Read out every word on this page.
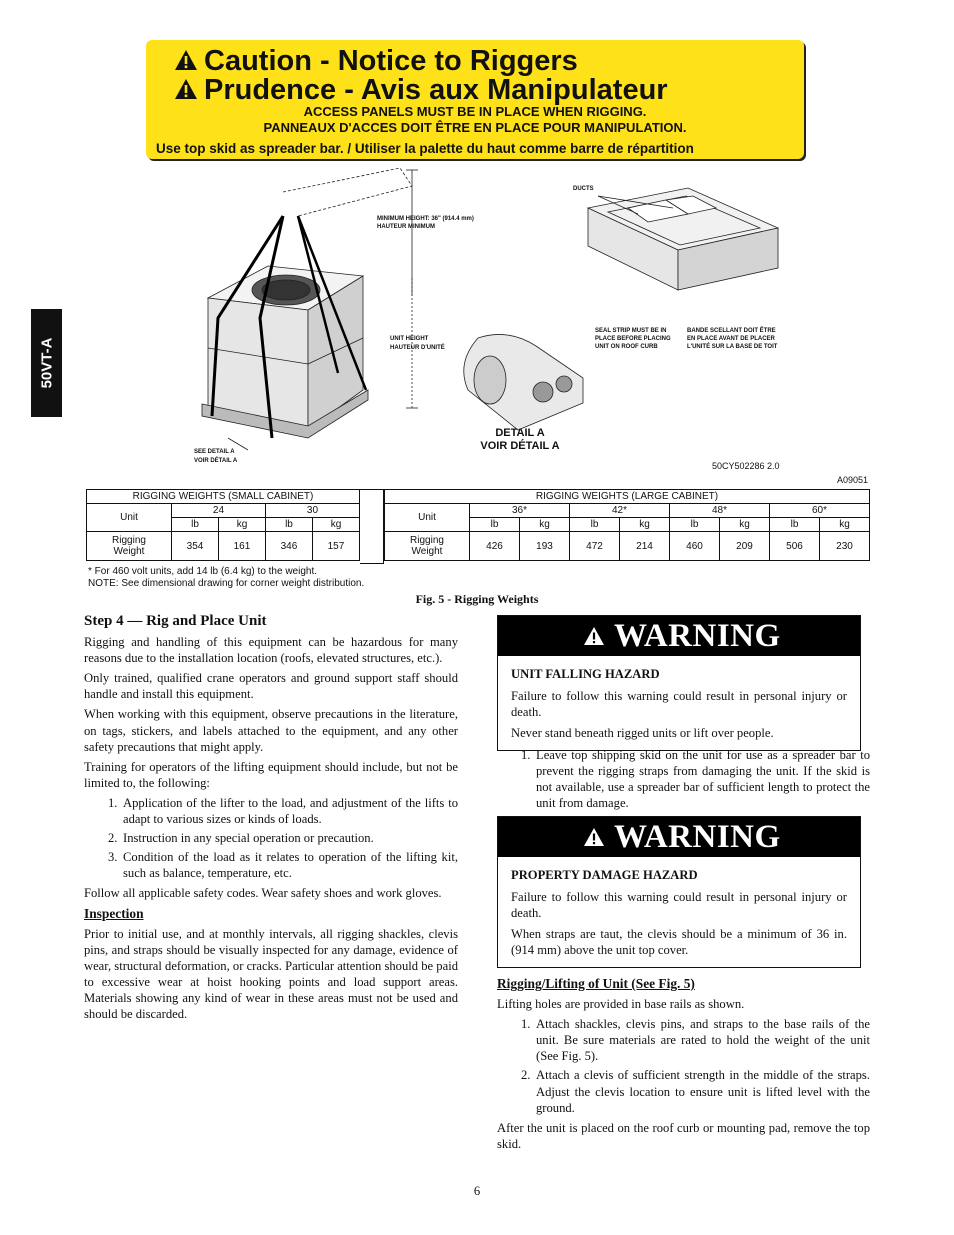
Caution - Notice to Riggers
Prudence - Avis aux Manipulateur
ACCESS PANELS MUST BE IN PLACE WHEN RIGGING.
PANNEAUX D'ACCES DOIT ÊTRE EN PLACE POUR MANIPULATION.
Use top skid as spreader bar. / Utiliser la palette du haut comme barre de répartition
50VT-A
MINIMUM HEIGHT: 36" (914.4 mm)
HAUTEUR MINIMUM
UNIT HEIGHT
HAUTEUR D'UNITÉ
SEE DETAIL A
VOIR DÉTAIL A
DUCTS
SEAL STRIP MUST BE IN
PLACE BEFORE PLACING
UNIT ON ROOF CURB
BANDE SCELLANT DOIT ÊTRE
EN PLACE AVANT DE PLACER
L'UNITÉ SUR LA BASE DE TOIT
DETAIL A
VOIR DÉTAIL A
50CY502286 2.0
A09051
RIGGING WEIGHTS (SMALL CABINET)				
Unit	24		30	
	lb	kg	lb	kg
Rigging
Weight	354	161	346	157
RIGGING WEIGHTS (LARGE CABINET)								
Unit	36*		42*		48*		60*	
	lb	kg	lb	kg	lb	kg	lb	kg
Rigging
Weight	426	193	472	214	460	209	506	230
* For 460 volt units, add 14 lb (6.4 kg) to the weight.
NOTE: See dimensional drawing for corner weight distribution.
Fig. 5 - Rigging Weights
Step 4 — Rig and Place Unit

Rigging and handling of this equipment can be hazardous for many reasons due to the installation location (roofs, elevated structures, etc.).

Only trained, qualified crane operators and ground support staff should handle and install this equipment.

When working with this equipment, observe precautions in the literature, on tags, stickers, and labels attached to the equipment, and any other safety precautions that might apply.

Training for operators of the lifting equipment should include, but not be limited to, the following:

1. Application of the lifter to the load, and adjustment of the lifts to adapt to various sizes or kinds of loads.
2. Instruction in any special operation or precaution.
3. Condition of the load as it relates to operation of the lifting kit, such as balance, temperature, etc.

Follow all applicable safety codes. Wear safety shoes and work gloves.

Inspection

Prior to initial use, and at monthly intervals, all rigging shackles, clevis pins, and straps should be visually inspected for any damage, evidence of wear, structural deformation, or cracks. Particular attention should be paid to excessive wear at hoist hooking points and load support areas. Materials showing any kind of wear in these areas must not be used and should be discarded.

WARNING
UNIT FALLING HAZARD

Failure to follow this warning could result in personal injury or death.

Never stand beneath rigged units or lift over people.

1. Leave top shipping skid on the unit for use as a spreader bar to prevent the rigging straps from damaging the unit. If the skid is not available, use a spreader bar of sufficient length to protect the unit from damage.
WARNING
PROPERTY DAMAGE HAZARD

Failure to follow this warning could result in personal injury or death.

When straps are taut, the clevis should be a minimum of 36 in. (914 mm) above the unit top cover.

Rigging/Lifting of Unit (See Fig. 5)

Lifting holes are provided in base rails as shown.

1. Attach shackles, clevis pins, and straps to the base rails of the unit. Be sure materials are rated to hold the weight of the unit (See Fig. 5).
2. Attach a clevis of sufficient strength in the middle of the straps. Adjust the clevis location to ensure unit is lifted level with the ground.

After the unit is placed on the roof curb or mounting pad, remove the top skid.

6
